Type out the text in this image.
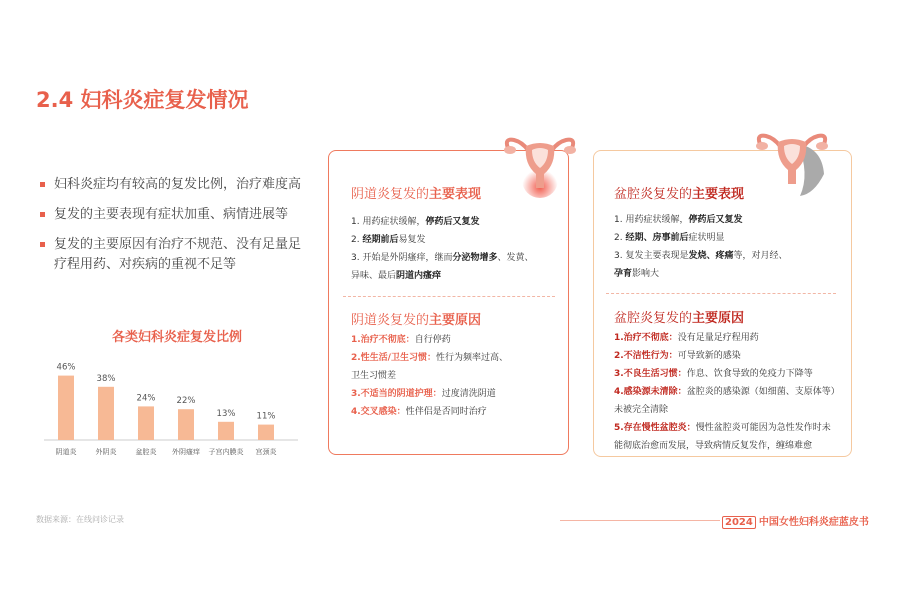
2.4 妇科炎症复发情况
妇科炎症均有较高的复发比例，治疗难度高
复发的主要表现有症状加重、病情进展等
复发的主要原因有治疗不规范、没有足量足疗程用药、对疾病的重视不足等
各类妇科炎症复发比例
46%
阴道炎
38%
外阴炎
24%
盆腔炎
22%
外阴瘙痒
13%
子宫内膜炎
11%
宫颈炎
阴道炎复发的主要表现
1. 用药症状缓解，停药后又复发
2. 经期前后易复发
3. 开始是外阴瘙痒，继而分泌物增多、发黄、
异味、最后阴道内瘙痒
阴道炎复发的主要原因
1.治疗不彻底：自行停药
2.性生活/卫生习惯：性行为频率过高、
卫生习惯差
3.不适当的阴道护理：过度清洗阴道
4.交叉感染：性伴侣是否同时治疗
盆腔炎复发的主要表现
1. 用药症状缓解，停药后又复发
2. 经期、房事前后症状明显
3. 复发主要表现是发烧、疼痛等，对月经、
孕育影响大
盆腔炎复发的主要原因
1.治疗不彻底：没有足量足疗程用药
2.不洁性行为：可导致新的感染
3.不良生活习惯：作息、饮食导致的免疫力下降等
4.感染源未清除：盆腔炎的感染源（如细菌、支原体等）
未被完全清除
5.存在慢性盆腔炎：慢性盆腔炎可能因为急性发作时未
能彻底治愈而发展，导致病情反复发作，缠绵难愈
数据来源：在线问诊记录	2024 中国女性妇科炎症蓝皮书
